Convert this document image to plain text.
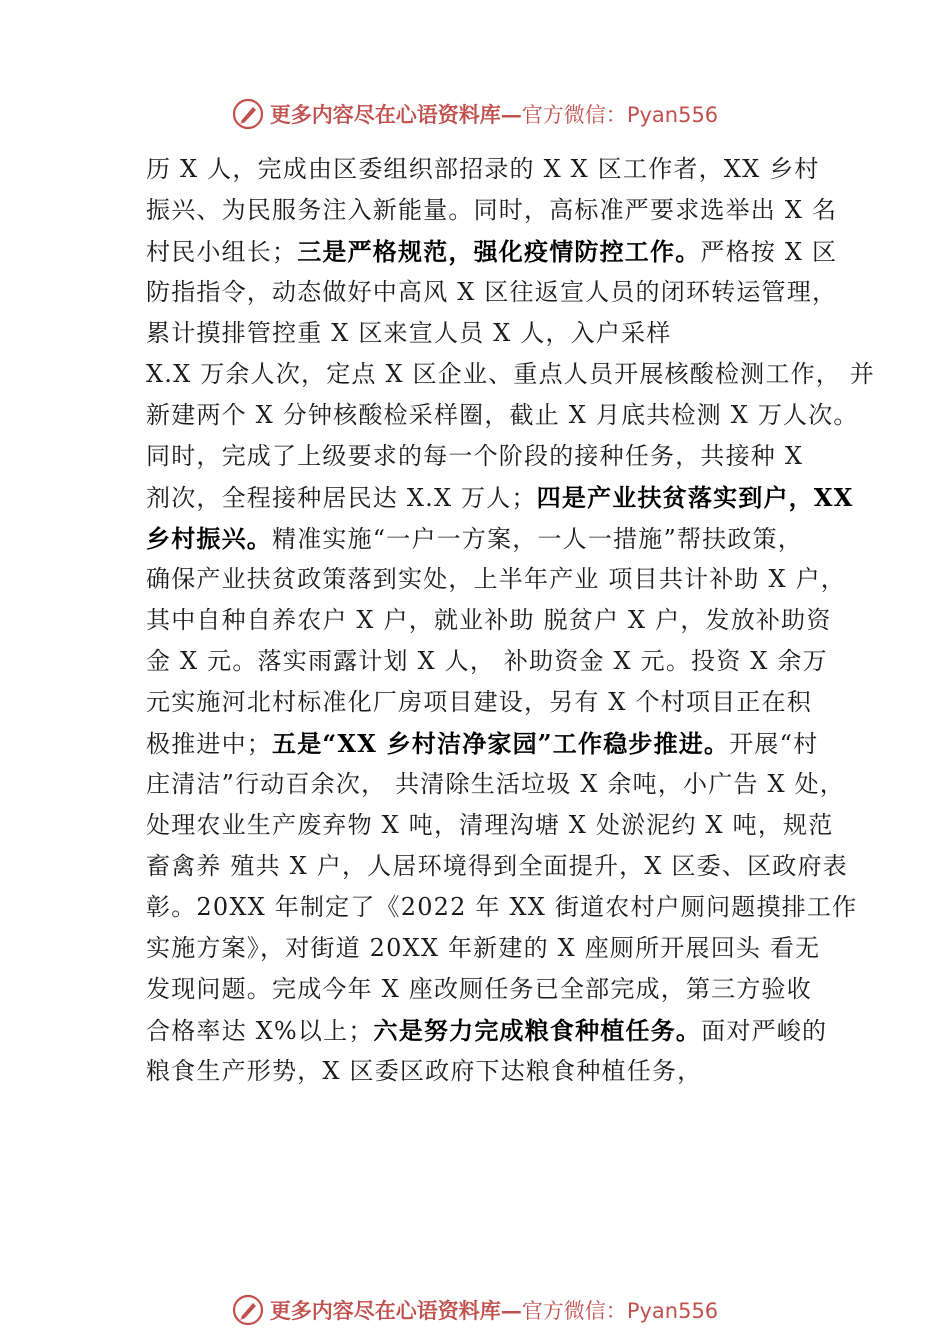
更多内容尽在心语资料库—官方微信：Pyan556
历 X 人，完成由区委组织部招录的 X X 区工作者，XX 乡村
振兴、为民服务注入新能量。同时，高标准严要求选举出 X 名
村民小组长；三是严格规范，强化疫情防控工作。严格按 X 区
防指指令，动态做好中高风 X 区往返宣人员的闭环转运管理，
累计摸排管控重 X 区来宣人员 X 人，入户采样
X.X 万余人次，定点 X 区企业、重点人员开展核酸检测工作， 并
新建两个 X 分钟核酸检采样圈，截止 X 月底共检测 X 万人次。
同时，完成了上级要求的每一个阶段的接种任务，共接种 X
剂次，全程接种居民达 X.X 万人；四是产业扶贫落实到户，XX
乡村振兴。精准实施“一户一方案，一人一措施”帮扶政策，
确保产业扶贫政策落到实处，上半年产业 项目共计补助 X 户，
其中自种自养农户 X 户，就业补助 脱贫户 X 户，发放补助资
金 X 元。落实雨露计划 X 人， 补助资金 X 元。投资 X 余万
元实施河北村标准化厂房项目建设，另有 X 个村项目正在积
极推进中；五是“XX 乡村洁净家园”工作稳步推进。开展“村
庄清洁”行动百余次， 共清除生活垃圾 X 余吨，小广告 X 处，
处理农业生产废弃物 X 吨，清理沟塘 X 处淤泥约 X 吨，规范
畜禽养 殖共 X 户，人居环境得到全面提升，X 区委、区政府表
彰。20XX 年制定了《2022 年 XX 街道农村户厕问题摸排工作
实施方案》，对街道 20XX 年新建的 X 座厕所开展回头 看无
发现问题。完成今年 X 座改厕任务已全部完成，第三方验收
合格率达 X%以上；六是努力完成粮食种植任务。面对严峻的
粮食生产形势，X 区委区政府下达粮食种植任务，
更多内容尽在心语资料库—官方微信：Pyan556
